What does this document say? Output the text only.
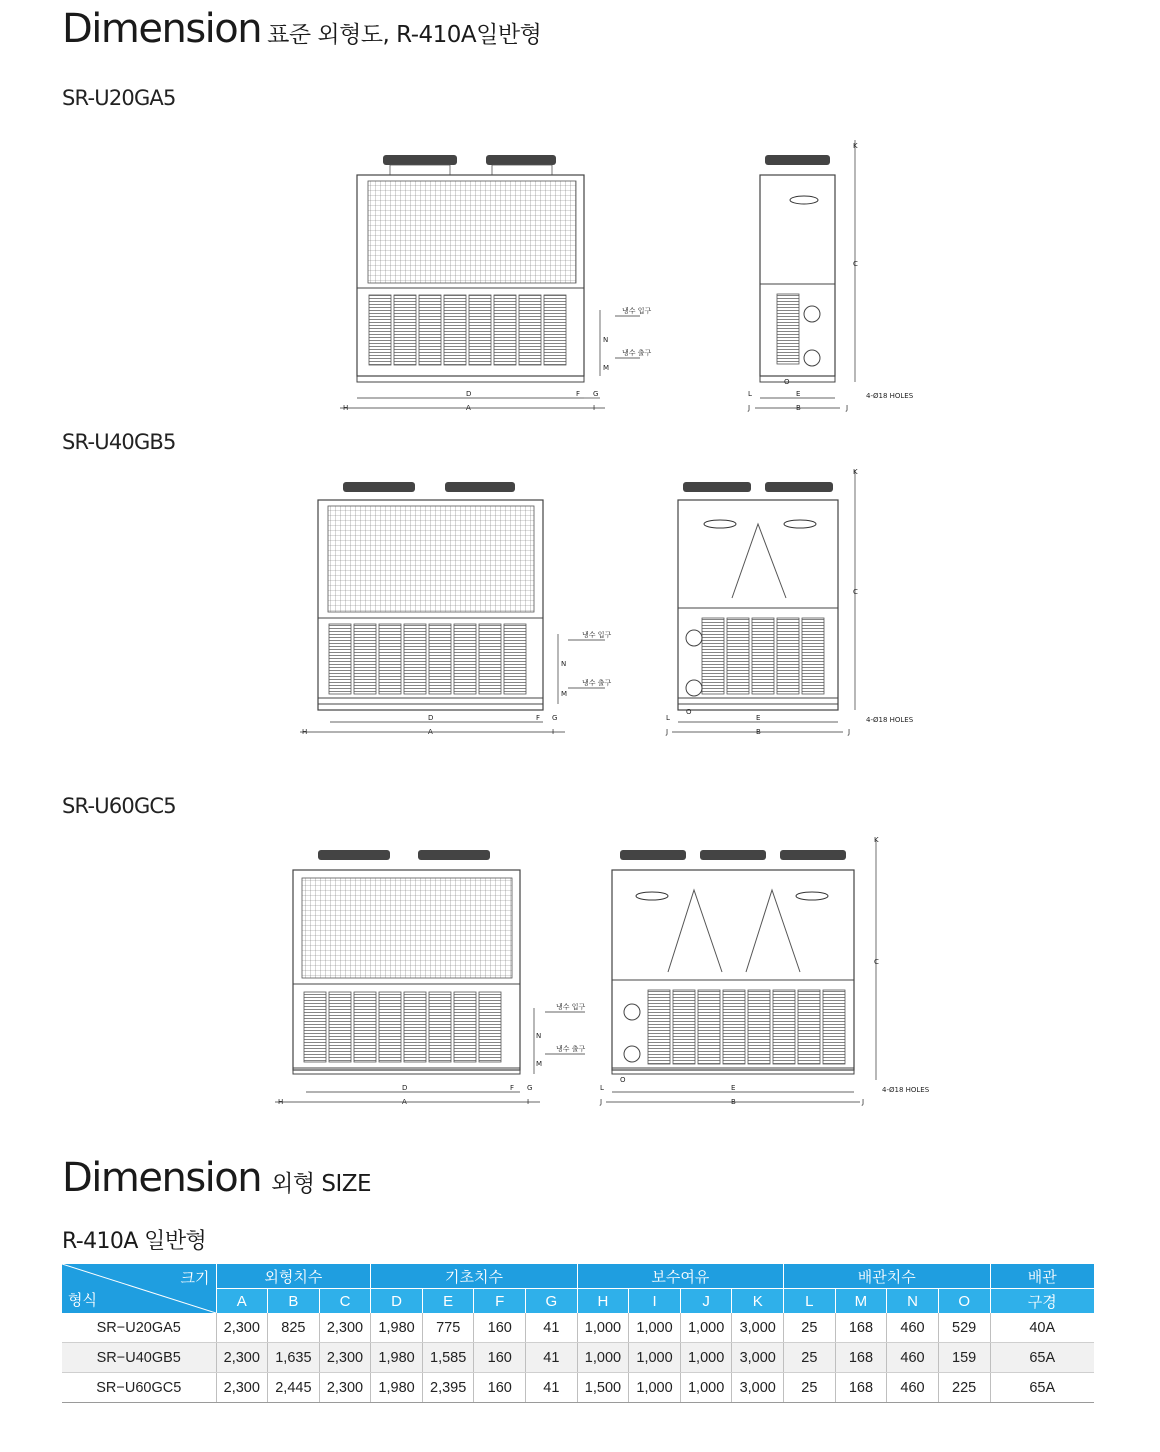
Dimension 표준 외형도, R-410A일반형
SR-U20GA5
SR-U40GB5
SR-U60GC5
D
A
F G
H	I
N
M
냉수 입구
냉수 출구
K
C
O
E
B
L
J	J
4-Ø18 HOLES
D
A
F G
H	I
N
M
냉수 입구
냉수 출구
K
C
O
E
B
L
J	J
4-Ø18 HOLES
D
A
F G
H	I
N
M
냉수 입구
냉수 출구
K
C
O
E
B
L
J	J
4-Ø18 HOLES
Dimension 외형 SIZE
R-410A 일반형
크기
형식	외형치수			기초치수				보수여유				배관치수				배관
	A	B	C	D	E	F	G	H	I	J	K	L	M	N	O	구경
SR−U20GA5	2,300	825	2,300	1,980	775	160	41	1,000	1,000	1,000	3,000	25	168	460	529	40A
SR−U40GB5	2,300	1,635	2,300	1,980	1,585	160	41	1,000	1,000	1,000	3,000	25	168	460	159	65A
SR−U60GC5	2,300	2,445	2,300	1,980	2,395	160	41	1,500	1,000	1,000	3,000	25	168	460	225	65A
